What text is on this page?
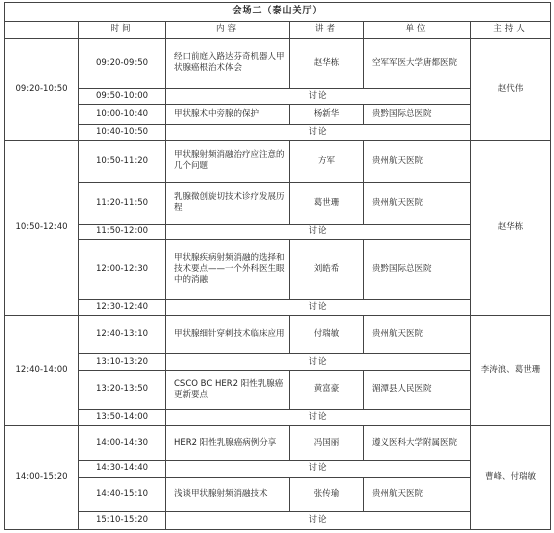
会场二（泰山关厅）					
	时间	内容	讲者	单位	主持人
09:20-10:50	09:20-09:50	经口前庭入路达芬奇机器人甲状腺癌根治术体会	赵华栋	空军军医大学唐都医院	赵代伟
	09:50-10:00	讨论			
	10:00-10:40	甲状腺术中旁腺的保护	杨新华	贵黔国际总医院	
	10:40-10:50	讨论			
10:50-12:40	10:50-11:20	甲状腺射频消融治疗应注意的几个问题	方军	贵州航天医院	赵华栋
	11:20-11:50	乳腺微创旋切技术诊疗发展历程	葛世珊	贵州航天医院	
	11:50-12:00	讨论			
	12:00-12:30	甲状腺疾病射频消融的选择和技术要点——一个外科医生眼中的消融	刘皓希	贵黔国际总医院	
	12:30-12:40	讨论			
12:40-14:00	12:40-13:10	甲状腺细针穿刺技术临床应用	付瑞敏	贵州航天医院	李涛浪、葛世珊
	13:10-13:20	讨论			
	13:20-13:50	CSCO BC HER2 阳性乳腺癌更新要点	黄富豪	湄潭县人民医院	
	13:50-14:00	讨论			
14:00-15:20	14:00-14:30	HER2 阳性乳腺癌病例分享	冯国丽	遵义医科大学附属医院	曹峰、付瑞敏
	14:30-14:40	讨论			
	14:40-15:10	浅谈甲状腺射频消融技术	张传瑜	贵州航天医院	
	15:10-15:20	讨论			
